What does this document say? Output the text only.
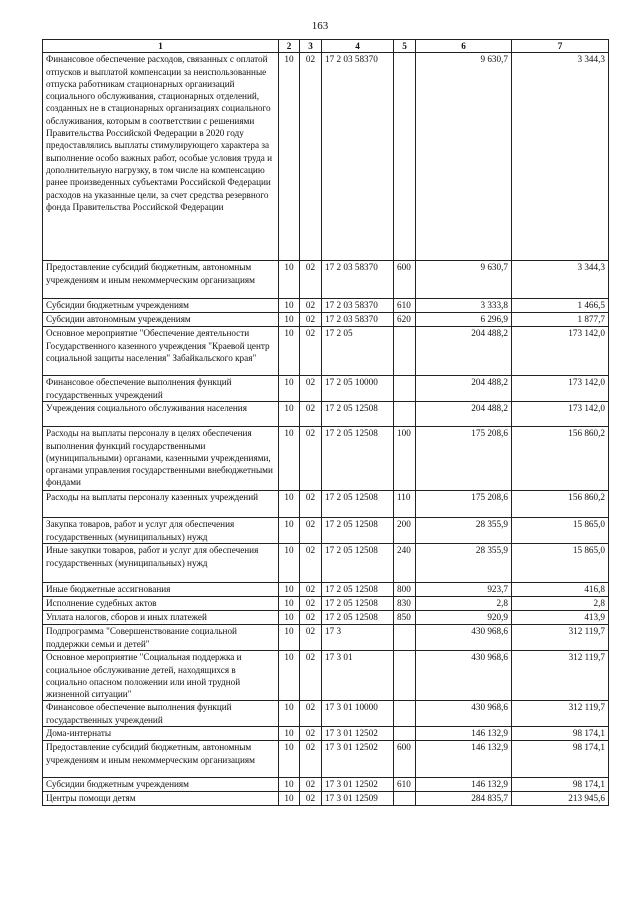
163
1	2	3	4	5	6	7
Финансовое обеспечение расходов, связанных с оплатой отпусков и выплатой компенсации за неиспользованные отпуска работникам стационарных организаций социального обслуживания, стационарных отделений, созданных не в стационарных организациях социального обслуживания, которым в соответствии с решениями Правительства Российской Федерации в 2020 году предоставлялись выплаты стимулирующего характера за выполнение особо важных работ, особые условия труда и дополнительную нагрузку, в том числе на компенсацию ранее произведенных субъектами Российской Федерации расходов на указанные цели, за счет средства резервного фонда Правительства Российской Федерации	10	02	17 2 03 58370		9 630,7	3 344,3
Предоставление субсидий бюджетным, автономным учреждениям и иным некоммерческим организациям	10	02	17 2 03 58370	600	9 630,7	3 344,3
Субсидии бюджетным учреждениям	10	02	17 2 03 58370	610	3 333,8	1 466,5
Субсидии автономным учреждениям	10	02	17 2 03 58370	620	6 296,9	1 877,7
Основное мероприятие "Обеспечение деятельности Государственного казенного учреждения "Краевой центр социальной защиты населения" Забайкальского края"	10	02	17 2 05		204 488,2	173 142,0
Финансовое обеспечение выполнения функций государственных учреждений	10	02	17 2 05 10000		204 488,2	173 142,0
Учреждения социального обслуживания населения	10	02	17 2 05 12508		204 488,2	173 142,0
Расходы на выплаты персоналу в целях обеспечения выполнения функций государственными (муниципальными) органами, казенными учреждениями, органами управления государственными внебюджетными фондами	10	02	17 2 05 12508	100	175 208,6	156 860,2
Расходы на выплаты персоналу казенных учреждений	10	02	17 2 05 12508	110	175 208,6	156 860,2
Закупка товаров, работ и услуг для обеспечения государственных (муниципальных) нужд	10	02	17 2 05 12508	200	28 355,9	15 865,0
Иные закупки товаров, работ и услуг для обеспечения государственных (муниципальных) нужд	10	02	17 2 05 12508	240	28 355,9	15 865,0
Иные бюджетные ассигнования	10	02	17 2 05 12508	800	923,7	416,8
Исполнение судебных актов	10	02	17 2 05 12508	830	2,8	2,8
Уплата налогов, сборов и иных платежей	10	02	17 2 05 12508	850	920,9	413,9
Подпрограмма "Совершенствование социальной поддержки семьи и детей"	10	02	17 3		430 968,6	312 119,7
Основное мероприятие "Социальная поддержка и социальное обслуживание детей, находящихся в социально опасном положении или иной трудной жизненной ситуации"	10	02	17 3 01		430 968,6	312 119,7
Финансовое обеспечение выполнения функций государственных учреждений	10	02	17 3 01 10000		430 968,6	312 119,7
Дома-интернаты	10	02	17 3 01 12502		146 132,9	98 174,1
Предоставление субсидий бюджетным, автономным учреждениям и иным некоммерческим организациям	10	02	17 3 01 12502	600	146 132,9	98 174,1
Субсидии бюджетным учреждениям	10	02	17 3 01 12502	610	146 132,9	98 174,1
Центры помощи детям	10	02	17 3 01 12509		284 835,7	213 945,6
